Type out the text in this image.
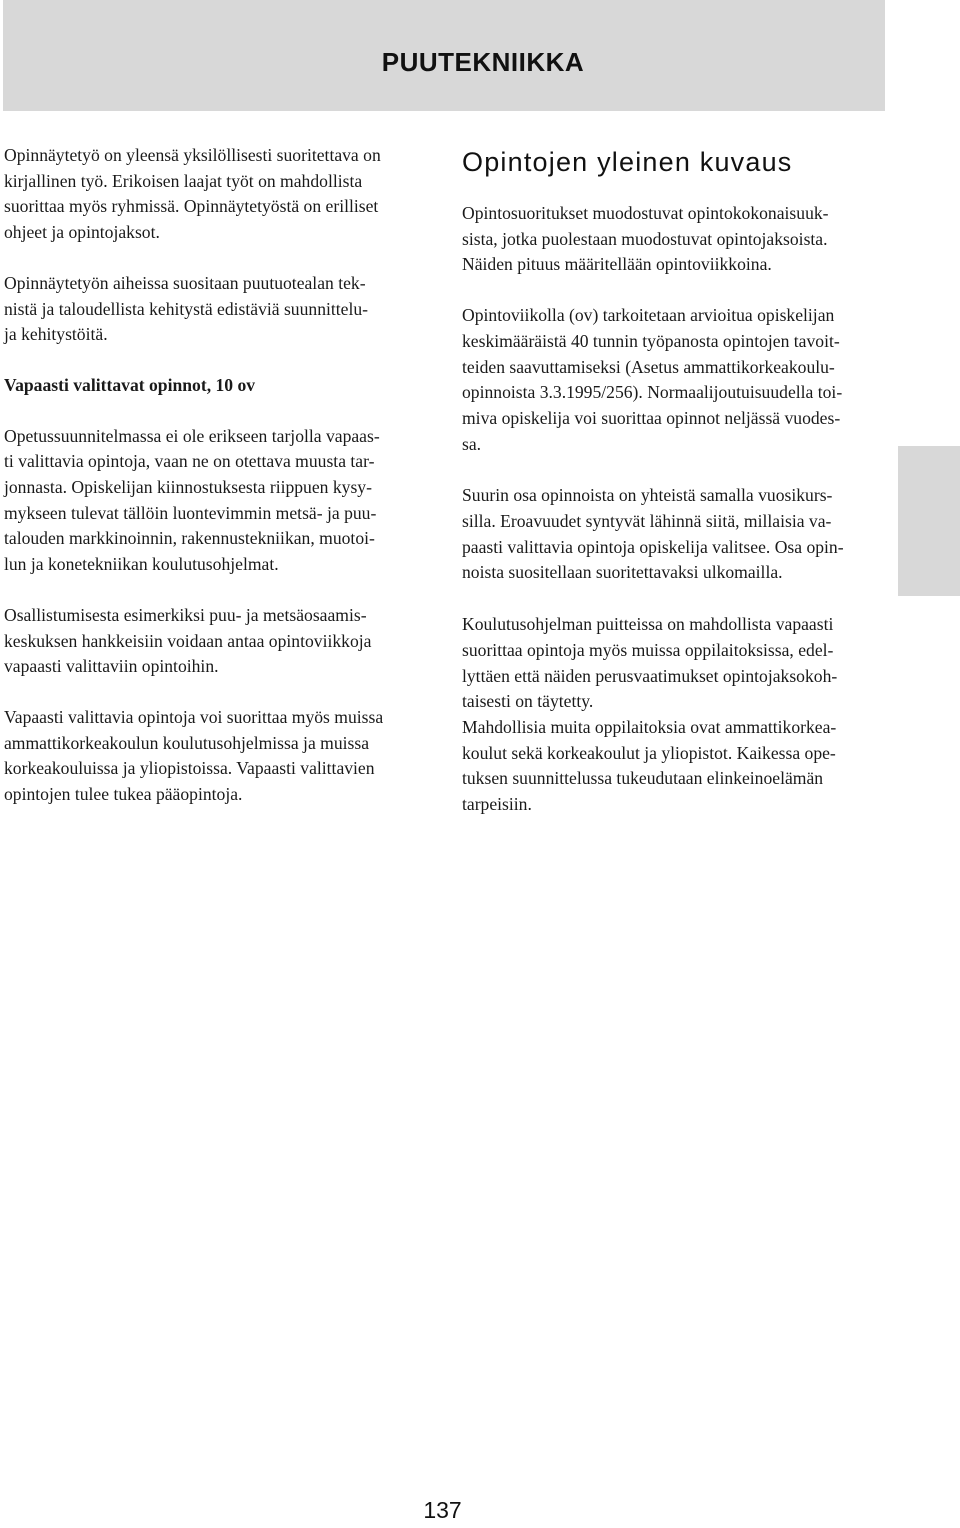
PUUTEKNIIKKA

Opinnäytetyö on yleensä yksilöllisesti suoritettava on
kirjallinen työ. Erikoisen laajat työt on mahdollista
suorittaa myös ryhmissä. Opinnäytetyöstä on erilliset
ohjeet ja opintojaksot.

Opinnäytetyön aiheissa suositaan puutuotealan tek-
nistä ja taloudellista kehitystä edistäviä suunnittelu-
ja kehitystöitä.

Vapaasti valittavat opinnot, 10 ov

Opetussuunnitelmassa ei ole erikseen tarjolla vapaas-
ti valittavia opintoja, vaan ne on otettava muusta tar-
jonnasta. Opiskelijan kiinnostuksesta riippuen kysy-
mykseen tulevat tällöin luontevimmin metsä- ja puu-
talouden markkinoinnin, rakennustekniikan, muotoi-
lun ja konetekniikan koulutusohjelmat.

Osallistumisesta esimerkiksi puu- ja metsäosaamis-
keskuksen hankkeisiin voidaan antaa opintoviikkoja
vapaasti valittaviin opintoihin.

Vapaasti valittavia opintoja voi suorittaa myös muissa
ammattikorkeakoulun koulutusohjelmissa ja muissa
korkeakouluissa ja yliopistoissa. Vapaasti valittavien
opintojen tulee tukea pääopintoja.

Opintojen yleinen kuvaus

Opintosuoritukset muodostuvat opintokokonaisuuk-
sista, jotka puolestaan muodostuvat opintojaksoista.
Näiden pituus määritellään opintoviikkoina.

Opintoviikolla (ov) tarkoitetaan arvioitua opiskelijan
keskimääräistä 40 tunnin työpanosta opintojen tavoit-
teiden saavuttamiseksi (Asetus ammattikorkeakoulu-
opinnoista 3.3.1995/256). Normaalijoutuisuudella toi-
miva opiskelija voi suorittaa opinnot neljässä vuodes-
sa.

Suurin osa opinnoista on yhteistä samalla vuosikurs-
silla. Eroavuudet syntyvät lähinnä siitä, millaisia va-
paasti valittavia opintoja opiskelija valitsee. Osa opin-
noista suositellaan suoritettavaksi ulkomailla.

Koulutusohjelman puitteissa on mahdollista vapaasti
suorittaa opintoja myös muissa oppilaitoksissa, edel-
lyttäen että näiden perusvaatimukset opintojaksokoh-
taisesti on täytetty.

Mahdollisia muita oppilaitoksia ovat ammattikorkea-
koulut sekä korkeakoulut ja yliopistot. Kaikessa ope-
tuksen suunnittelussa tukeudutaan elinkeinoelämän
tarpeisiin.

137
